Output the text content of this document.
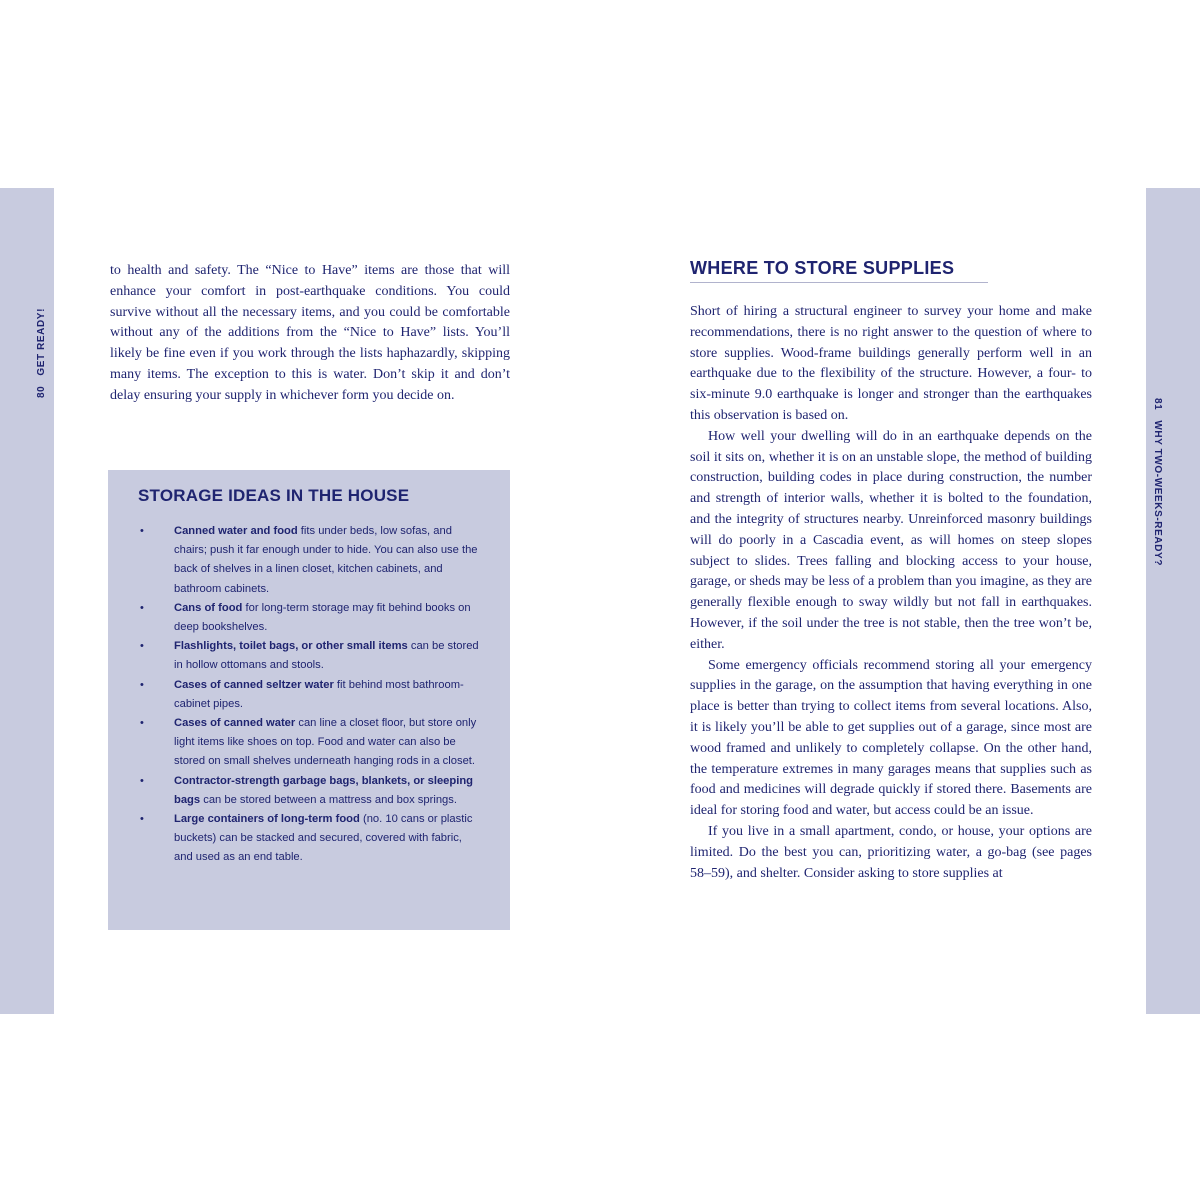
80GET READY!

to health and safety. The “Nice to Have” items are those that will enhance your comfort in post-earthquake conditions. You could survive without all the necessary items, and you could be comfortable without any of the additions from the “Nice to Have” lists. You’ll likely be fine even if you work through the lists haphazardly, skipping many items. The exception to this is water. Don’t skip it and don’t delay ensuring your supply in whichever form you decide on.

STORAGE IDEAS IN THE HOUSE
•	Canned water and food fits under beds, low sofas, and chairs; push it far enough under to hide. You can also use the back of shelves in a linen closet, kitchen cabinets, and bathroom cabinets.
•	Cans of food for long-term storage may fit behind books on deep bookshelves.
•	Flashlights, toilet bags, or other small items can be stored in hollow ottomans and stools.
•	Cases of canned seltzer water fit behind most bathroom-cabinet pipes.
•	Cases of canned water can line a closet floor, but store only light items like shoes on top. Food and water can also be stored on small shelves underneath hanging rods in a closet.
•	Contractor-strength garbage bags, blankets, or sleeping bags can be stored between a mattress and box springs.
•	Large containers of long-term food (no. 10 cans or plastic buckets) can be stacked and secured, covered with fabric, and used as an end table.
WHERE TO STORE SUPPLIES

Short of hiring a structural engineer to survey your home and make recommendations, there is no right answer to the question of where to store supplies. Wood-frame buildings generally perform well in an earthquake due to the flexibility of the structure. However, a four- to six-minute 9.0 earthquake is longer and stronger than the earthquakes this observation is based on.

How well your dwelling will do in an earthquake depends on the soil it sits on, whether it is on an unstable slope, the method of building construction, building codes in place during construction, the number and strength of interior walls, whether it is bolted to the foundation, and the integrity of structures nearby. Unreinforced masonry buildings will do poorly in a Cascadia event, as will homes on steep slopes subject to slides. Trees falling and blocking access to your house, garage, or sheds may be less of a problem than you imagine, as they are generally flexible enough to sway wildly but not fall in earthquakes. However, if the soil under the tree is not stable, then the tree won’t be, either.

Some emergency officials recommend storing all your emergency supplies in the garage, on the assumption that having everything in one place is better than trying to collect items from several locations. Also, it is likely you’ll be able to get supplies out of a garage, since most are wood framed and unlikely to completely collapse. On the other hand, the temperature extremes in many garages means that supplies such as food and medicines will degrade quickly if stored there. Basements are ideal for storing food and water, but access could be an issue.

If you live in a small apartment, condo, or house, your options are limited. Do the best you can, prioritizing water, a go-bag (see pages 58–59), and shelter. Consider asking to store supplies at

81WHY TWO-WEEKS-READY?
